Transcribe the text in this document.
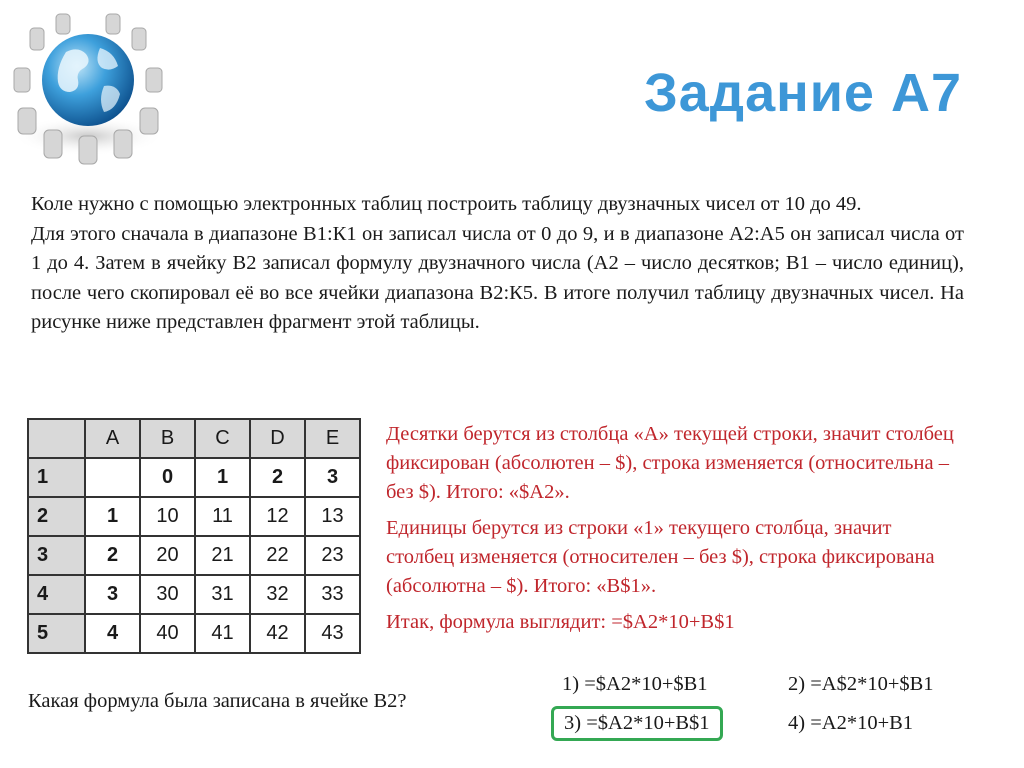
Задание А7

Коле нужно с помощью электронных таблиц построить таблицу двузначных чисел от 10 до 49.

Для этого сначала в диапазоне В1:К1 он записал числа от 0 до 9, и в диапазоне А2:А5 он записал числа от 1 до 4. Затем в ячейку В2 записал формулу двузначного числа (А2 – число десятков; В1 – число единиц), после чего скопировал её во все ячейки диапазона В2:К5. В итоге получил таблицу двузначных чисел. На рисунке ниже представлен фрагмент этой таблицы.

	A	B	C	D	E
1		0	1	2	3
2	1	10	11	12	13
3	2	20	21	22	23
4	3	30	31	32	33
5	4	40	41	42	43

Десятки берутся из столбца «А» текущей строки, значит столбец фиксирован (абсолютен – $), строка изменяется (относительна – без $). Итого: «$A2».

Единицы берутся из строки «1» текущего столбца, значит столбец изменяется (относителен – без $), строка фиксирована (абсолютна – $). Итого: «B$1».

Итак, формула выглядит: =$A2*10+B$1

Какая формула была записана в ячейке В2?
1) =$A2*10+$B1	2) =A$2*10+$B1
3) =$A2*10+B$1	4) =A2*10+B1
